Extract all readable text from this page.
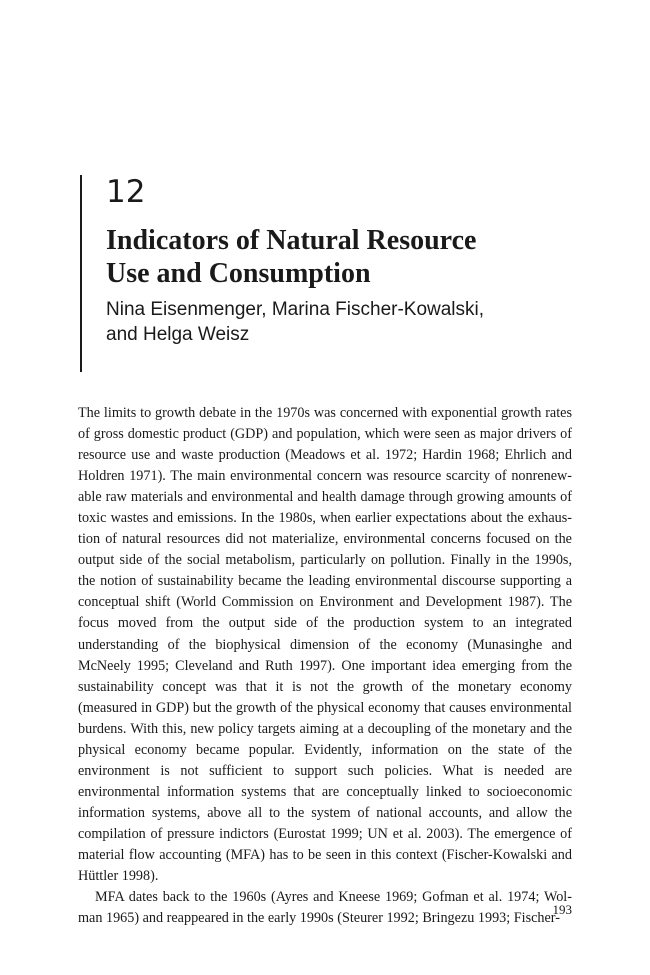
12
Indicators of Natural Resource
Use and Consumption
Nina Eisenmenger, Marina Fischer-Kowalski,
and Helga Weisz

The limits to growth debate in the 1970s was concerned with exponential growth rates of gross domestic product (GDP) and population, which were seen as major drivers of resource use and waste production (Meadows et al. 1972; Hardin 1968; Ehrlich and Holdren 1971). The main environmental concern was resource scarcity of nonrenewable raw materials and environmental and health damage through growing amounts of toxic wastes and emissions. In the 1980s, when earlier expectations about the exhaustion of natural resources did not materialize, environmental concerns focused on the output side of the social metabolism, particularly on pollution. Finally in the 1990s, the notion of sustainability became the leading environmental discourse supporting a conceptual shift (World Commission on Environment and Development 1987). The focus moved from the output side of the production system to an integrated understanding of the biophysical dimension of the economy (Munasinghe and McNeely 1995; Cleveland and Ruth 1997). One important idea emerging from the sustainability concept was that it is not the growth of the monetary economy (measured in GDP) but the growth of the physical economy that causes environmental burdens. With this, new policy targets aiming at a decoupling of the monetary and the physical economy became popular. Evidently, information on the state of the environment is not sufficient to support such policies. What is needed are environmental information systems that are conceptually linked to socioeconomic information systems, above all to the system of national accounts, and allow the compilation of pressure indictors (Eurostat 1999; UN et al. 2003). The emergence of material flow accounting (MFA) has to be seen in this context (Fischer-Kowalski and Hüttler 1998).

MFA dates back to the 1960s (Ayres and Kneese 1969; Gofman et al. 1974; Wolman 1965) and reappeared in the early 1990s (Steurer 1992; Bringezu 1993; Fischer-

193
